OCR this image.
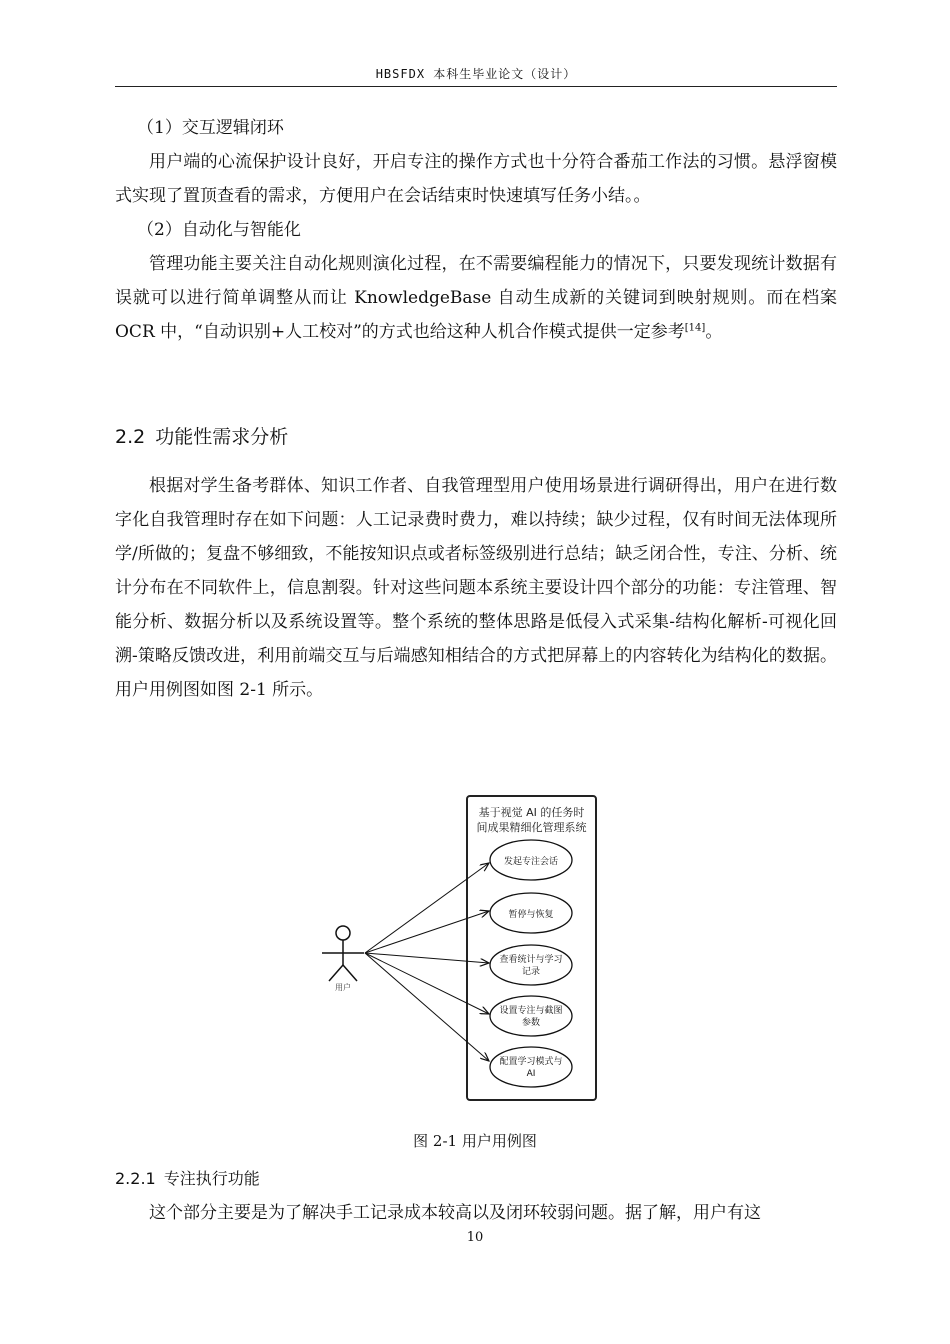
HBSFDX 本科生毕业论文（设计）

（1）交互逻辑闭环

用户端的心流保护设计良好，开启专注的操作方式也十分符合番茄工作法的习惯。悬浮窗模式实现了置顶查看的需求，方便用户在会话结束时快速填写任务小结。。

（2）自动化与智能化

管理功能主要关注自动化规则演化过程，在不需要编程能力的情况下，只要发现统计数据有误就可以进行简单调整从而让 KnowledgeBase 自动生成新的关键词到映射规则。而在档案 OCR 中，“自动识别+人工校对”的方式也给这种人机合作模式提供一定参考[14]。

2.2 功能性需求分析

根据对学生备考群体、知识工作者、自我管理型用户使用场景进行调研得出，用户在进行数字化自我管理时存在如下问题：人工记录费时费力，难以持续；缺少过程，仅有时间无法体现所学/所做的；复盘不够细致，不能按知识点或者标签级别进行总结；缺乏闭合性，专注、分析、统计分布在不同软件上，信息割裂。针对这些问题本系统主要设计四个部分的功能：专注管理、智能分析、数据分析以及系统设置等。整个系统的整体思路是低侵入式采集-结构化解析-可视化回溯-策略反馈改进，利用前端交互与后端感知相结合的方式把屏幕上的内容转化为结构化的数据。用户用例图如图 2-1 所示。

基于视觉 AI 的任务时
间成果精细化管理系统
用户
发起专注会话
暂停与恢复
查看统计与学习
记录
设置专注与截图
参数
配置学习模式与
AI
图 2-1 用户用例图
2.2.1 专注执行功能

这个部分主要是为了解决手工记录成本较高以及闭环较弱问题。据了解，用户有这

10
